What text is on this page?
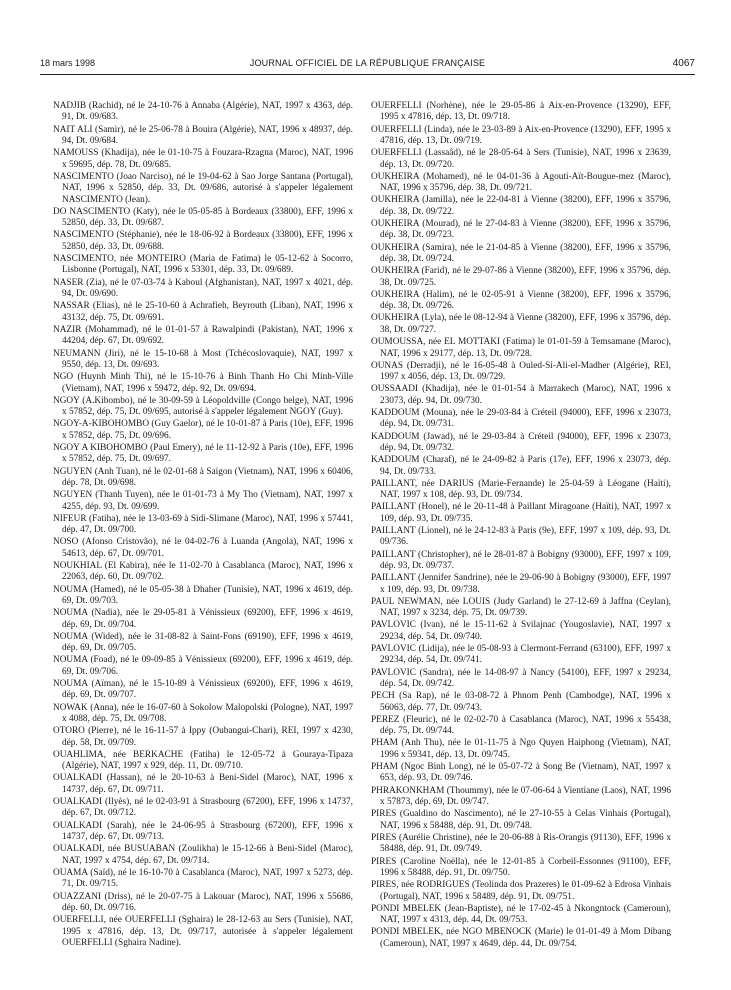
18 mars 1998	JOURNAL OFFICIEL DE LA RÉPUBLIQUE FRANÇAISE	4067

NADJIB (Rachid), né le 24-10-76 à Annaba (Algérie), NAT, 1997 x 4363, dép. 91, Dt. 09/683.

NAIT ALI (Samir), né le 25-06-78 à Bouira (Algérie), NAT, 1996 x 48937, dép. 94, Dt. 09/684.

NAMOUSS (Khadija), née le 01-10-75 à Fouzara-Rzagna (Maroc), NAT, 1996 x 59695, dép. 78, Dt. 09/685.

NASCIMENTO (Joao Narciso), né le 19-04-62 à Sao Jorge Santana (Portugal), NAT, 1996 x 52850, dép. 33, Dt. 09/686, autorisé à s'appeler légalement NASCIMENTO (Jean).

DO NASCIMENTO (Katy), née le 05-05-85 à Bordeaux (33800), EFF, 1996 x 52850, dép. 33, Dt. 09/687.

NASCIMENTO (Stéphanie), née le 18-06-92 à Bordeaux (33800), EFF, 1996 x 52850, dép. 33, Dt. 09/688.

NASCIMENTO, née MONTEIRO (Maria de Fatima) le 05-12-62 à Socorro, Lisbonne (Portugal), NAT, 1996 x 53301, dép. 33, Dt. 09/689.

NASER (Zia), né le 07-03-74 à Kaboul (Afghanistan), NAT, 1997 x 4021, dép. 94, Dt. 09/690.

NASSAR (Elias), né le 25-10-60 à Achrafieh, Beyrouth (Liban), NAT, 1996 x 43132, dép. 75, Dt. 09/691.

NAZIR (Mohammad), né le 01-01-57 à Rawalpindi (Pakistan), NAT, 1996 x 44204, dép. 67, Dt. 09/692.

NEUMANN (Jiri), né le 15-10-68 à Most (Tchécoslovaquie), NAT, 1997 x 9550, dép. 13, Dt. 09/693.

NGO (Huynh Minh Thi), né le 15-10-76 à Binh Thanh Ho Chi Minh-Ville (Vietnam), NAT, 1996 x 59472, dép. 92, Dt. 09/694.

NGOY (A.Kibombo), né le 30-09-59 à Léopoldville (Congo belge), NAT, 1996 x 57852, dép. 75, Dt. 09/695, autorisé à s'appeler légalement NGOY (Guy).

NGOY-A-KIBOHOMBO (Guy Gaelor), né le 10-01-87 à Paris (10e), EFF, 1996 x 57852, dép. 75, Dt. 09/696.

NGOY A KIBOHOMBO (Paul Emery), né le 11-12-92 à Paris (10e), EFF, 1996 x 57852, dép. 75, Dt. 09/697.

NGUYEN (Anh Tuan), né le 02-01-68 à Saigon (Vietnam), NAT, 1996 x 60406, dép. 78, Dt. 09/698.

NGUYEN (Thanh Tuyen), née le 01-01-73 à My Tho (Vietnam), NAT, 1997 x 4255, dép. 93, Dt. 09/699.

NIFEUR (Fatiha), née le 13-03-69 à Sidi-Slimane (Maroc), NAT, 1996 x 57441, dép. 47, Dt. 09/700.

NOSO (Afonso Cristovão), né le 04-02-76 à Luanda (Angola), NAT, 1996 x 54613, dép. 67, Dt. 09/701.

NOUKHIAL (El Kabira), née le 11-02-70 à Casablanca (Maroc), NAT, 1996 x 22063, dép. 60, Dt. 09/702.

NOUMA (Hamed), né le 05-05-38 à Dhaher (Tunisie), NAT, 1996 x 4619, dép. 69, Dt. 09/703.

NOUMA (Nadia), née le 29-05-81 à Vénissieux (69200), EFF, 1996 x 4619, dép. 69, Dt. 09/704.

NOUMA (Wided), née le 31-08-82 à Saint-Fons (69190), EFF, 1996 x 4619, dép. 69, Dt. 09/705.

NOUMA (Foad), né le 09-09-85 à Vénissieux (69200), EFF, 1996 x 4619, dép. 69, Dt. 09/706.

NOUMA (Aïman), né le 15-10-89 à Vénissieux (69200), EFF, 1996 x 4619, dép. 69, Dt. 09/707.

NOWAK (Anna), née le 16-07-60 à Sokolow Malopolski (Pologne), NAT, 1997 x 4088, dép. 75, Dt. 09/708.

OTORO (Pierre), né le 16-11-57 à Ippy (Oubangui-Chari), REI, 1997 x 4230, dép. 58, Dt. 09/709.

OUAHLIMA, née BERKACHE (Fatiha) le 12-05-72 à Gouraya-Tipaza (Algérie), NAT, 1997 x 929, dép. 11, Dt. 09/710.

OUALKADI (Hassan), né le 20-10-63 à Beni-Sidel (Maroc), NAT, 1996 x 14737, dép. 67, Dt. 09/711.

OUALKADI (Ilyès), né le 02-03-91 à Strasbourg (67200), EFF, 1996 x 14737, dép. 67, Dt. 09/712.

OUALKADI (Sarah), née le 24-06-95 à Strasbourg (67200), EFF, 1996 x 14737, dép. 67, Dt. 09/713.

OUALKADI, née BUSUABAN (Zoulikha) le 15-12-66 à Beni-Sidel (Maroc), NAT, 1997 x 4754, dép. 67, Dt. 09/714.

OUAMA (Saïd), né le 16-10-70 à Casablanca (Maroc), NAT, 1997 x 5273, dép. 71, Dt. 09/715.

OUAZZANI (Driss), né le 20-07-75 à Lakouar (Maroc), NAT, 1996 x 55686, dép. 60, Dt. 09/716.

OUERFELLI, née OUERFELLI (Sghaira) le 28-12-63 au Sers (Tunisie), NAT, 1995 x 47816, dép. 13, Dt. 09/717, autorisée à s'appeler légalement OUERFELLI (Sghaira Nadine).

OUERFELLI (Norhène), née le 29-05-86 à Aix-en-Provence (13290), EFF, 1995 x 47816, dép. 13, Dt. 09/718.

OUERFELLI (Linda), née le 23-03-89 à Aix-en-Provence (13290), EFF, 1995 x 47816, dép. 13, Dt. 09/719.

OUERFELLI (Lassaâd), né le 28-05-64 à Sers (Tunisie), NAT, 1996 x 23639, dép. 13, Dt. 09/720.

OUKHEIRA (Mohamed), né le 04-01-36 à Agouti-Aït-Bougue-mez (Maroc), NAT, 1996 x 35796, dép. 38, Dt. 09/721.

OUKHEIRA (Jamilla), née le 22-04-81 à Vienne (38200), EFF, 1996 x 35796, dép. 38, Dt. 09/722.

OUKHEIRA (Mourad), né le 27-04-83 à Vienne (38200), EFF, 1996 x 35796, dép. 38, Dt. 09/723.

OUKHEIRA (Samira), née le 21-04-85 à Vienne (38200), EFF, 1996 x 35796, dép. 38, Dt. 09/724.

OUKHEIRA (Farid), né le 29-07-86 à Vienne (38200), EFF, 1996 x 35796, dép. 38, Dt. 09/725.

OUKHEIRA (Halim), né le 02-05-91 à Vienne (38200), EFF, 1996 x 35796, dép. 38, Dt. 09/726.

OUKHEIRA (Lyla), née le 08-12-94 à Vienne (38200), EFF, 1996 x 35796, dép. 38, Dt. 09/727.

OUMOUSSA, née EL MOTTAKI (Fatima) le 01-01-59 à Temsamane (Maroc), NAT, 1996 x 29177, dép. 13, Dt. 09/728.

OUNAS (Derradji), né le 16-05-48 à Ouled-Si-Ali-el-Madher (Algérie), REI, 1997 x 4056, dép. 13, Dt. 09/729.

OUSSAADI (Khadija), née le 01-01-54 à Marrakech (Maroc), NAT, 1996 x 23073, dép. 94, Dt. 09/730.

KADDOUM (Mouna), née le 29-03-84 à Créteil (94000), EFF, 1996 x 23073, dép. 94, Dt. 09/731.

KADDOUM (Jawad), né le 29-03-84 à Créteil (94000), EFF, 1996 x 23073, dép. 94, Dt. 09/732.

KADDOUM (Charaf), né le 24-09-82 à Paris (17e), EFF, 1996 x 23073, dép. 94, Dt. 09/733.

PAILLANT, née DARIUS (Marie-Fernande) le 25-04-59 à Léogane (Haïti), NAT, 1997 x 108, dép. 93, Dt. 09/734.

PAILLANT (Honel), né le 20-11-48 à Paillant Miragoane (Haïti), NAT, 1997 x 109, dép. 93, Dt. 09/735.

PAILLANT (Lionel), né le 24-12-83 à Paris (9e), EFF, 1997 x 109, dép. 93, Dt. 09/736.

PAILLANT (Christopher), né le 28-01-87 à Bobigny (93000), EFF, 1997 x 109, dép. 93, Dt. 09/737.

PAILLANT (Jennifer Sandrine), née le 29-06-90 à Bobigny (93000), EFF, 1997 x 109, dép. 93, Dt. 09/738.

PAUL NEWMAN, née LOUIS (Judy Garland) le 27-12-69 à Jaffna (Ceylan), NAT, 1997 x 3234, dép. 75, Dt. 09/739.

PAVLOVIC (Ivan), né le 15-11-62 à Svilajnac (Yougoslavie), NAT, 1997 x 29234, dép. 54, Dt. 09/740.

PAVLOVIC (Lidija), née le 05-08-93 à Clermont-Ferrand (63100), EFF, 1997 x 29234, dép. 54, Dt. 09/741.

PAVLOVIC (Sandra), née le 14-08-97 à Nancy (54100), EFF, 1997 x 29234, dép. 54, Dt. 09/742.

PECH (Sa Rap), né le 03-08-72 à Phnom Penh (Cambodge), NAT, 1996 x 56063, dép. 77, Dt. 09/743.

PEREZ (Fleuric), né le 02-02-70 à Casablanca (Maroc), NAT, 1996 x 55438, dép. 75, Dt. 09/744.

PHAM (Anh Thu), née le 01-11-75 à Ngo Quyen Haiphong (Vietnam), NAT, 1996 x 59341, dép. 13, Dt. 09/745.

PHAM (Ngoc Binh Long), né le 05-07-72 à Song Be (Vietnam), NAT, 1997 x 653, dép. 93, Dt. 09/746.

PHRAKONKHAM (Thoummy), née le 07-06-64 à Vientiane (Laos), NAT, 1996 x 57873, dép. 69, Dt. 09/747.

PIRES (Gualdino do Nascimento), né le 27-10-55 à Celas Vinhais (Portugal), NAT, 1996 x 58488, dép. 91, Dt. 09/748.

PIRES (Aurélie Christine), née le 20-06-88 à Ris-Orangis (91130), EFF, 1996 x 58488, dép. 91, Dt. 09/749.

PIRES (Caroline Noëlla), née le 12-01-85 à Corbeil-Essonnes (91100), EFF, 1996 x 58488, dép. 91, Dt. 09/750.

PIRES, née RODRIGUES (Teolinda dos Prazeres) le 01-09-62 à Edrosa Vinhais (Portugal), NAT, 1996 x 58489, dép. 91, Dt. 09/751.

PONDI MBELEK (Jean-Baptiste), né le 17-02-45 à Nkongntock (Cameroun), NAT, 1997 x 4313, dép. 44, Dt. 09/753.

PONDI MBELEK, née NGO MBENOCK (Marie) le 01-01-49 à Mom Dibang (Cameroun), NAT, 1997 x 4649, dép. 44, Dt. 09/754.
